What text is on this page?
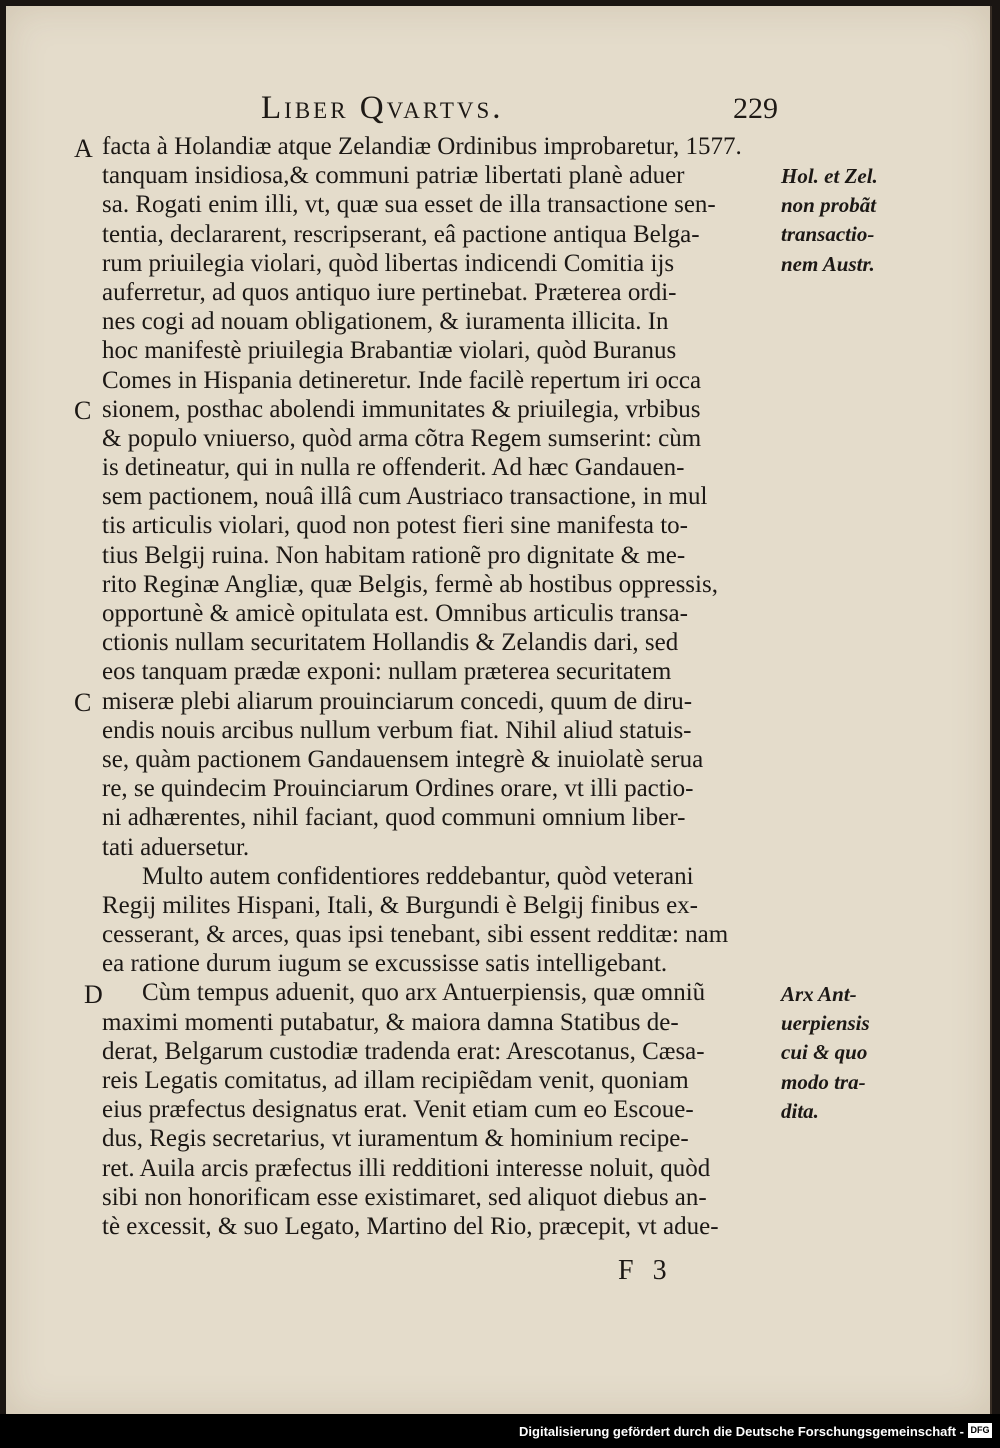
Liber Qvartvs.	229
A
C
C
D
facta à Holandiæ atque Zelandiæ Ordinibus improbaretur, 1577.
tanquam insidiosa,& communi patriæ libertati planè aduer
sa. Rogati enim illi, vt, quæ sua esset de illa transactione sen-
tentia, declararent, rescripserant, eâ pactione antiqua Belga-
rum priuilegia violari, quòd libertas indicendi Comitia ijs
auferretur, ad quos antiquo iure pertinebat. Præterea ordi-
nes cogi ad nouam obligationem, & iuramenta illicita. In
hoc manifestè priuilegia Brabantiæ violari, quòd Buranus
Comes in Hispania detineretur. Inde facilè repertum iri occa
sionem, posthac abolendi immunitates & priuilegia, vrbibus
& populo vniuerso, quòd arma cõtra Regem sumserint: cùm
is detineatur, qui in nulla re offenderit. Ad hæc Gandauen-
sem pactionem, nouâ illâ cum Austriaco transactione, in mul
tis articulis violari, quod non potest fieri sine manifesta to-
tius Belgij ruina. Non habitam rationẽ pro dignitate & me-
rito Reginæ Angliæ, quæ Belgis, fermè ab hostibus oppressis,
opportunè & amicè opitulata est. Omnibus articulis transa-
ctionis nullam securitatem Hollandis & Zelandis dari, sed
eos tanquam prædæ exponi: nullam præterea securitatem
miseræ plebi aliarum prouinciarum concedi, quum de diru-
endis nouis arcibus nullum verbum fiat. Nihil aliud statuis-
se, quàm pactionem Gandauensem integrè & inuiolatè serua
re, se quindecim Prouinciarum Ordines orare, vt illi pactio-
ni adhærentes, nihil faciant, quod communi omnium liber-
tati aduersetur.
Multo autem confidentiores reddebantur, quòd veterani
Regij milites Hispani, Itali, & Burgundi è Belgij finibus ex-
cesserant, & arces, quas ipsi tenebant, sibi essent redditæ: nam
ea ratione durum iugum se excussisse satis intelligebant.
Cùm tempus aduenit, quo arx Antuerpiensis, quæ omniũ
maximi momenti putabatur, & maiora damna Statibus de-
derat, Belgarum custodiæ tradenda erat: Arescotanus, Cæsa-
reis Legatis comitatus, ad illam recipiẽdam venit, quoniam
eius præfectus designatus erat. Venit etiam cum eo Escoue-
dus, Regis secretarius, vt iuramentum & hominium recipe-
ret. Auila arcis præfectus illi redditioni interesse noluit, quòd
sibi non honorificam esse existimaret, sed aliquot diebus an-
tè excessit, & suo Legato, Martino del Rio, præcepit, vt adue-
Hol. et Zel.
non probãt
transactio-
nem Austr.
Arx Ant-
uerpiensis
cui & quo
modo tra-
dita.
F 3
Digitalisierung gefördert durch die Deutsche Forschungsgemeinschaft - DFG
